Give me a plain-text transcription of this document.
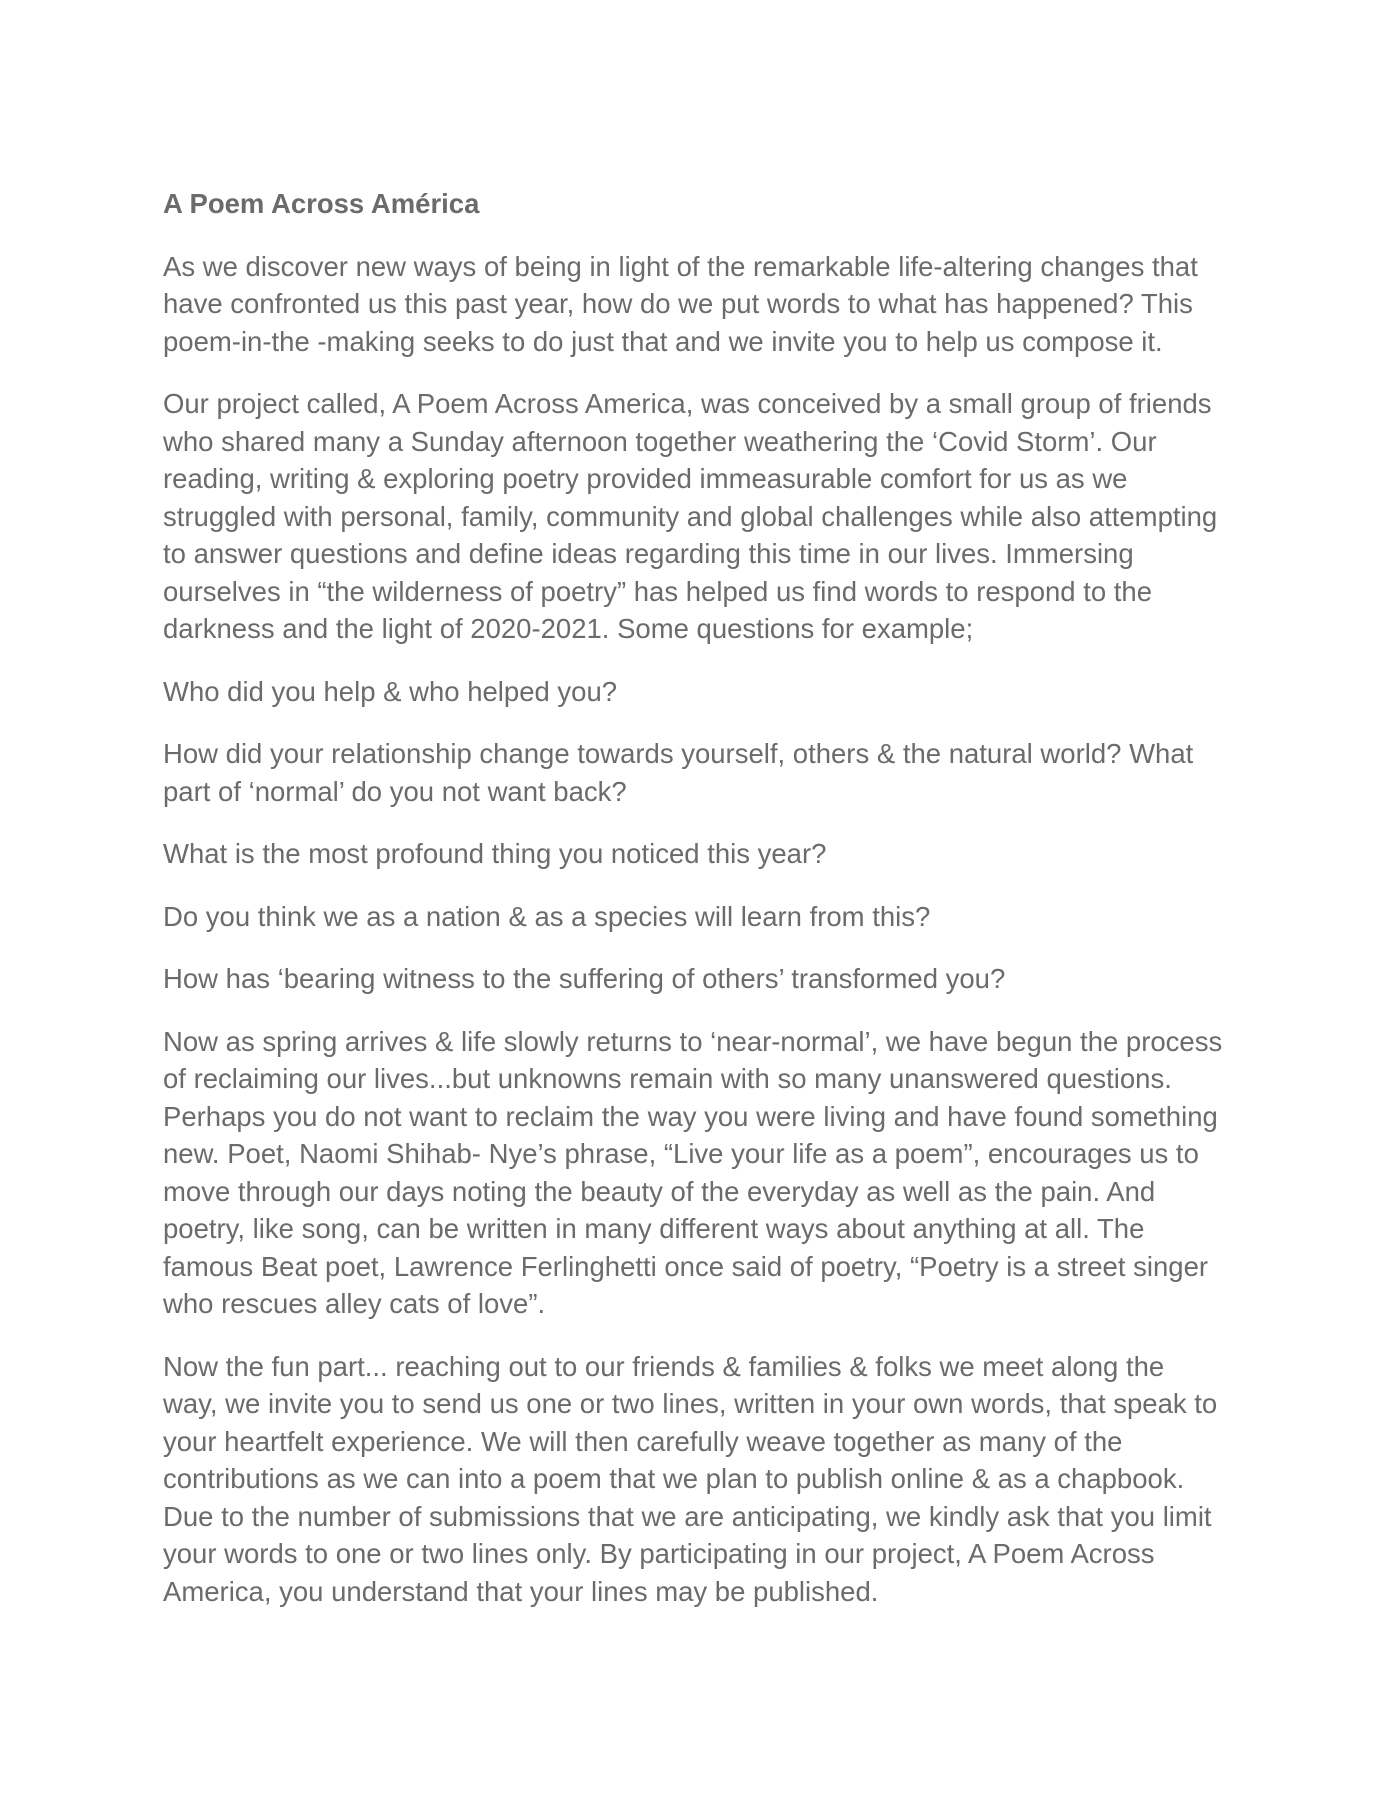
A Poem Across América

As we discover new ways of being in light of the remarkable life-altering changes that have confronted us this past year, how do we put words to what has happened? This poem-in-the -making seeks to do just that and we invite you to help us compose it.

Our project called, A Poem Across America, was conceived by a small group of friends who shared many a Sunday afternoon together weathering the ‘Covid Storm’. Our reading, writing & exploring poetry provided immeasurable comfort for us as we struggled with personal, family, community and global challenges while also attempting to answer questions and define ideas regarding this time in our lives. Immersing ourselves in “the wilderness of poetry” has helped us find words to respond to the darkness and the light of 2020-2021. Some questions for example;

Who did you help & who helped you?

How did your relationship change towards yourself, others & the natural world? What part of ‘normal’ do you not want back?

What is the most profound thing you noticed this year?

Do you think we as a nation & as a species will learn from this?

How has ‘bearing witness to the suffering of others’ transformed you?

Now as spring arrives & life slowly returns to ‘near-normal’, we have begun the process of reclaiming our lives...but unknowns remain with so many unanswered questions. Perhaps you do not want to reclaim the way you were living and have found something new. Poet, Naomi Shihab- Nye’s phrase, “Live your life as a poem”, encourages us to move through our days noting the beauty of the everyday as well as the pain. And poetry, like song, can be written in many different ways about anything at all. The famous Beat poet, Lawrence Ferlinghetti once said of poetry, “Poetry is a street singer who rescues alley cats of love”.

Now the fun part... reaching out to our friends & families & folks we meet along the way, we invite you to send us one or two lines, written in your own words, that speak to your heartfelt experience. We will then carefully weave together as many of the contributions as we can into a poem that we plan to publish online & as a chapbook. Due to the number of submissions that we are anticipating, we kindly ask that you limit your words to one or two lines only. By participating in our project, A Poem Across America, you understand that your lines may be published.
